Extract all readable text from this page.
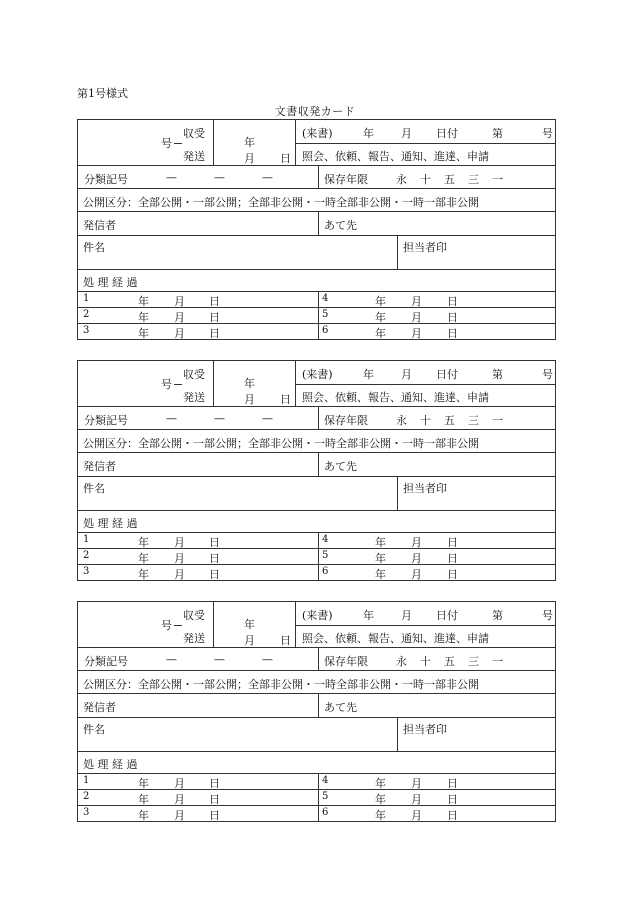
第1号様式
文書収発カード
号
収受
発送
年
月 日
(来書)	年 月 日付	第	号
照会、依頼、報告、通知、進達、申請
分類記号	—	—	—	保存年限	永 十 五 三 一
公開区分：全部公開・一部公開；全部非公開・一時全部非公開・一時一部非公開
発信者	あて先
件名	担当者印
処 理 経 過
1	年 月 日	4	年 月 日
2	年 月 日	5	年 月 日
3	年 月 日	6	年 月 日
号
収受
発送
年
月 日
(来書)	年 月 日付	第	号
照会、依頼、報告、通知、進達、申請
分類記号	—	—	—	保存年限	永 十 五 三 一
公開区分：全部公開・一部公開；全部非公開・一時全部非公開・一時一部非公開
発信者	あて先
件名	担当者印
処 理 経 過
1	年 月 日	4	年 月 日
2	年 月 日	5	年 月 日
3	年 月 日	6	年 月 日
号
収受
発送
年
月 日
(来書)	年 月 日付	第	号
照会、依頼、報告、通知、進達、申請
分類記号	—	—	—	保存年限	永 十 五 三 一
公開区分：全部公開・一部公開；全部非公開・一時全部非公開・一時一部非公開
発信者	あて先
件名	担当者印
処 理 経 過
1	年 月 日	4	年 月 日
2	年 月 日	5	年 月 日
3	年 月 日	6	年 月 日
